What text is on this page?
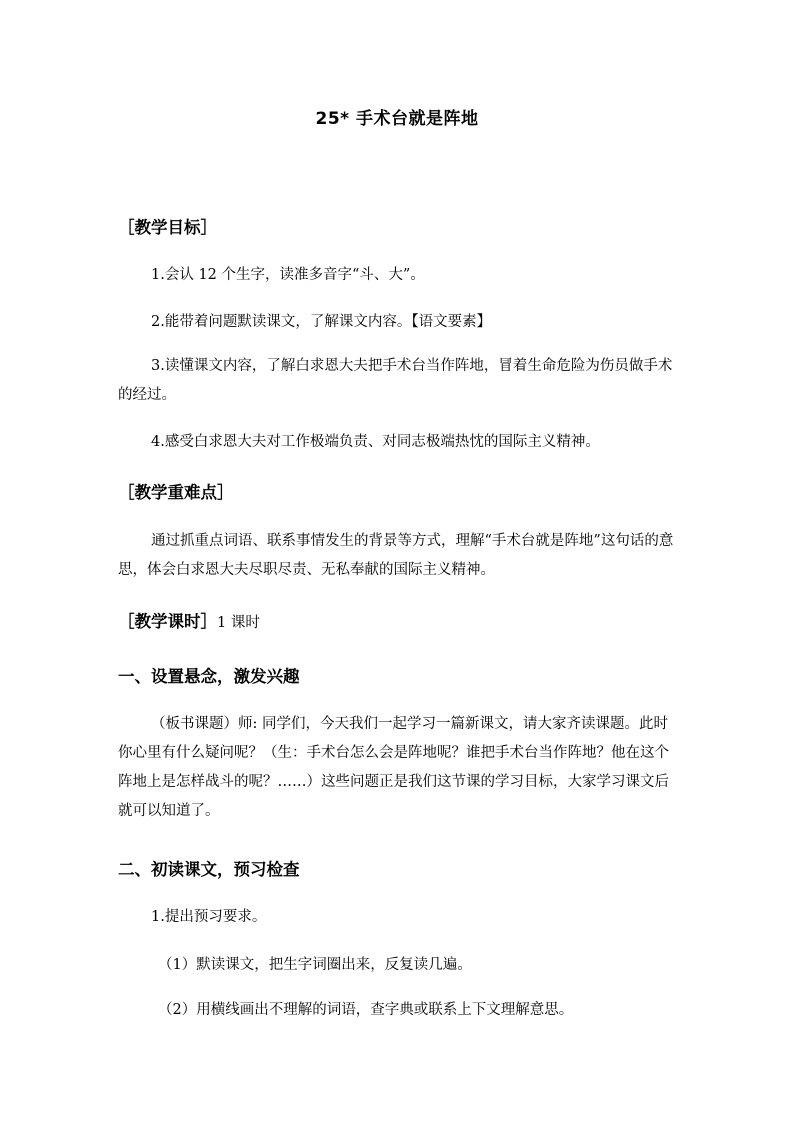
25* 手术台就是阵地
［教学目标］

1.会认 12 个生字，读准多音字“斗、大”。

2.能带着问题默读课文，了解课文内容。【语文要素】

3.读懂课文内容，了解白求恩大夫把手术台当作阵地，冒着生命危险为伤员做手术的经过。

4.感受白求恩大夫对工作极端负责、对同志极端热忱的国际主义精神。

［教学重难点］

通过抓重点词语、联系事情发生的背景等方式，理解“手术台就是阵地”这句话的意思，体会白求恩大夫尽职尽责、无私奉献的国际主义精神。

［教学课时］1 课时
一、设置悬念，激发兴趣

（板书课题）师: 同学们，今天我们一起学习一篇新课文，请大家齐读课题。此时你心里有什么疑问呢？（生：手术台怎么会是阵地呢？谁把手术台当作阵地？他在这个阵地上是怎样战斗的呢？……）这些问题正是我们这节课的学习目标，大家学习课文后就可以知道了。

二、初读课文，预习检查

1.提出预习要求。

（1）默读课文，把生字词圈出来，反复读几遍。

（2）用横线画出不理解的词语，查字典或联系上下文理解意思。
